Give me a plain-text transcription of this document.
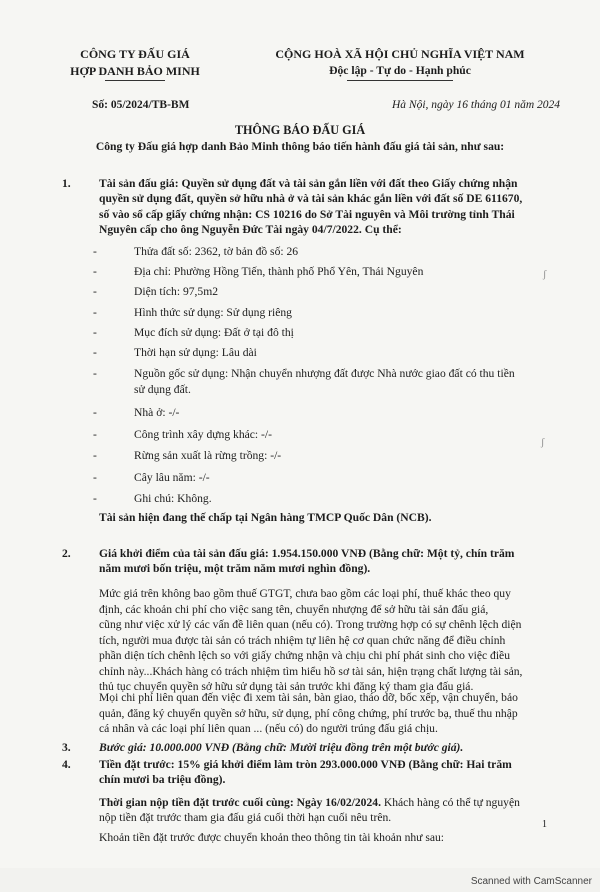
CÔNG TY ĐẤU GIÁ
HỢP DANH BẢO MINH
CỘNG HOÀ XÃ HỘI CHỦ NGHĨA VIỆT NAM
Độc lập - Tự do - Hạnh phúc
Số: 05/2024/TB-BM	Hà Nội, ngày 16 tháng 01 năm 2024
THÔNG BÁO ĐẤU GIÁ
Công ty Đấu giá hợp danh Bảo Minh thông báo tiến hành đấu giá tài sản, như sau:
1. Tài sản đấu giá: Quyền sử dụng đất và tài sản gắn liền với đất theo Giấy chứng nhận
quyền sử dụng đất, quyền sở hữu nhà ở và tài sản khác gắn liền với đất số DE 611670,
số vào sổ cấp giấy chứng nhận: CS 10216 do Sở Tài nguyên và Môi trường tỉnh Thái
Nguyên cấp cho ông Nguyễn Đức Tài ngày 04/7/2022. Cụ thể:
-	Thửa đất số: 2362, tờ bản đồ số: 26
-	Địa chỉ: Phường Hồng Tiến, thành phố Phổ Yên, Thái Nguyên
-	Diện tích: 97,5m2
-	Hình thức sử dụng: Sử dụng riêng
-	Mục đích sử dụng: Đất ở tại đô thị
-	Thời hạn sử dụng: Lâu dài
-	Nguồn gốc sử dụng: Nhận chuyển nhượng đất được Nhà nước giao đất có thu tiền
sử dụng đất.
-	Nhà ở: -/-
-	Công trình xây dựng khác: -/-
-	Rừng sản xuất là rừng trồng: -/-
-	Cây lâu năm: -/-
-	Ghi chú: Không.
Tài sản hiện đang thế chấp tại Ngân hàng TMCP Quốc Dân (NCB).
2. Giá khởi điểm của tài sản đấu giá: 1.954.150.000 VNĐ (Bằng chữ: Một tỷ, chín trăm
năm mươi bốn triệu, một trăm năm mươi nghìn đồng).
Mức giá trên không bao gồm thuế GTGT, chưa bao gồm các loại phí, thuế khác theo quy
định, các khoản chi phí cho việc sang tên, chuyển nhượng để sở hữu tài sản đấu giá,
cũng như việc xử lý các vấn đề liên quan (nếu có). Trong trường hợp có sự chênh lệch diện
tích, người mua được tài sản có trách nhiệm tự liên hệ cơ quan chức năng để điều chỉnh
phần diện tích chênh lệch so với giấy chứng nhận và chịu chi phí phát sinh cho việc điều
chỉnh này...Khách hàng có trách nhiệm tìm hiểu hồ sơ tài sản, hiện trạng chất lượng tài sản,
thủ tục chuyển quyền sở hữu sử dụng tài sản trước khi đăng ký tham gia đấu giá.
Mọi chi phí liên quan đến việc đi xem tài sản, bàn giao, tháo dỡ, bốc xếp, vận chuyển, bảo
quản, đăng ký chuyển quyền sở hữu, sử dụng, phí công chứng, phí trước bạ, thuế thu nhập
cá nhân và các loại phí liên quan ... (nếu có) do người trúng đấu giá chịu.
3. Bước giá: 10.000.000 VNĐ (Bằng chữ: Mười triệu đồng trên một bước giá).
4. Tiền đặt trước: 15% giá khởi điểm làm tròn 293.000.000 VNĐ (Bằng chữ: Hai trăm
chín mươi ba triệu đồng).
Thời gian nộp tiền đặt trước cuối cùng: Ngày 16/02/2024. Khách hàng có thể tự nguyện
nộp tiền đặt trước tham gia đấu giá cuối thời hạn cuối nêu trên.
Khoản tiền đặt trước được chuyển khoản theo thông tin tài khoản như sau:
1
ʃ
ʃ
Scanned with CamScanner
